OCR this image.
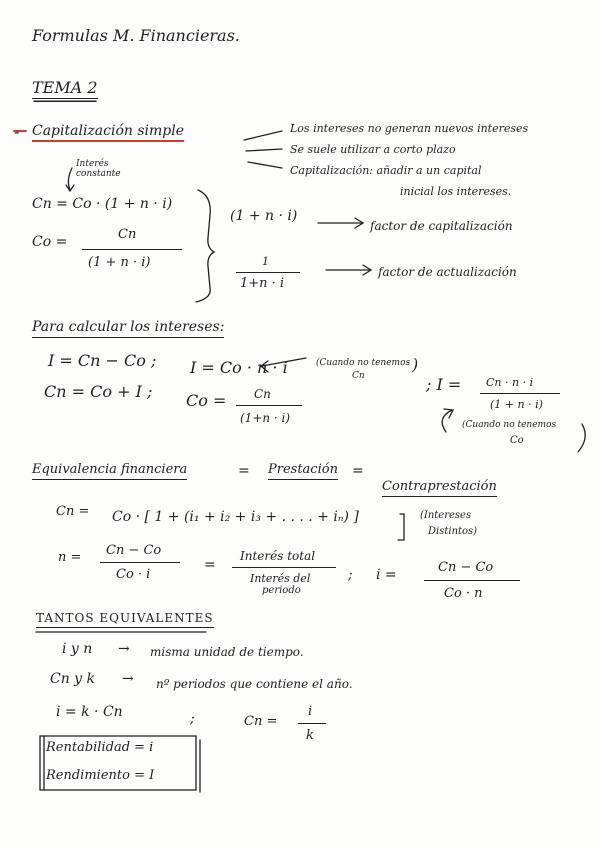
Formulas M. Financieras.
TEMA 2
- Capitalización simple	Los intereses no generan nuevos intereses
Se suele utilizar a corto plazo
Capitalización: añadir a un capital
inicial los intereses.
Interés
constante
Cn = Co · (1 + n · i)
Co =	Cn
(1 + n · i)
(1 + n · i)
factor de capitalización
1
1+n · i
factor de actualización
Para calcular los intereses:
I = Cn − Co ; I = Co · n · i	(Cuando no tenemos
Cn
)
; I = Cn · n · i
(1 + n · i)
(Cuando no tenemos
Co
Cn = Co + I ; Co = Cn
(1+n · i)
Equivalencia financiera	= Prestación =
Contraprestación
Cn = Co · [ 1 + (i₁ + i₂ + i₃ + . . . . + iₙ) ]	(Intereses
Distintos)
n = Cn − Co
Co · i
=
Interés total
Interés del
periodo
; i =	Cn − Co
Co · n
TANTOS EQUIVALENTES
i y n → misma unidad de tiempo.
Cn y k → nº periodos que contiene el año.
i = k · Cn	;	Cn =
i
k
Rentabilidad = i
Rendimiento = I
